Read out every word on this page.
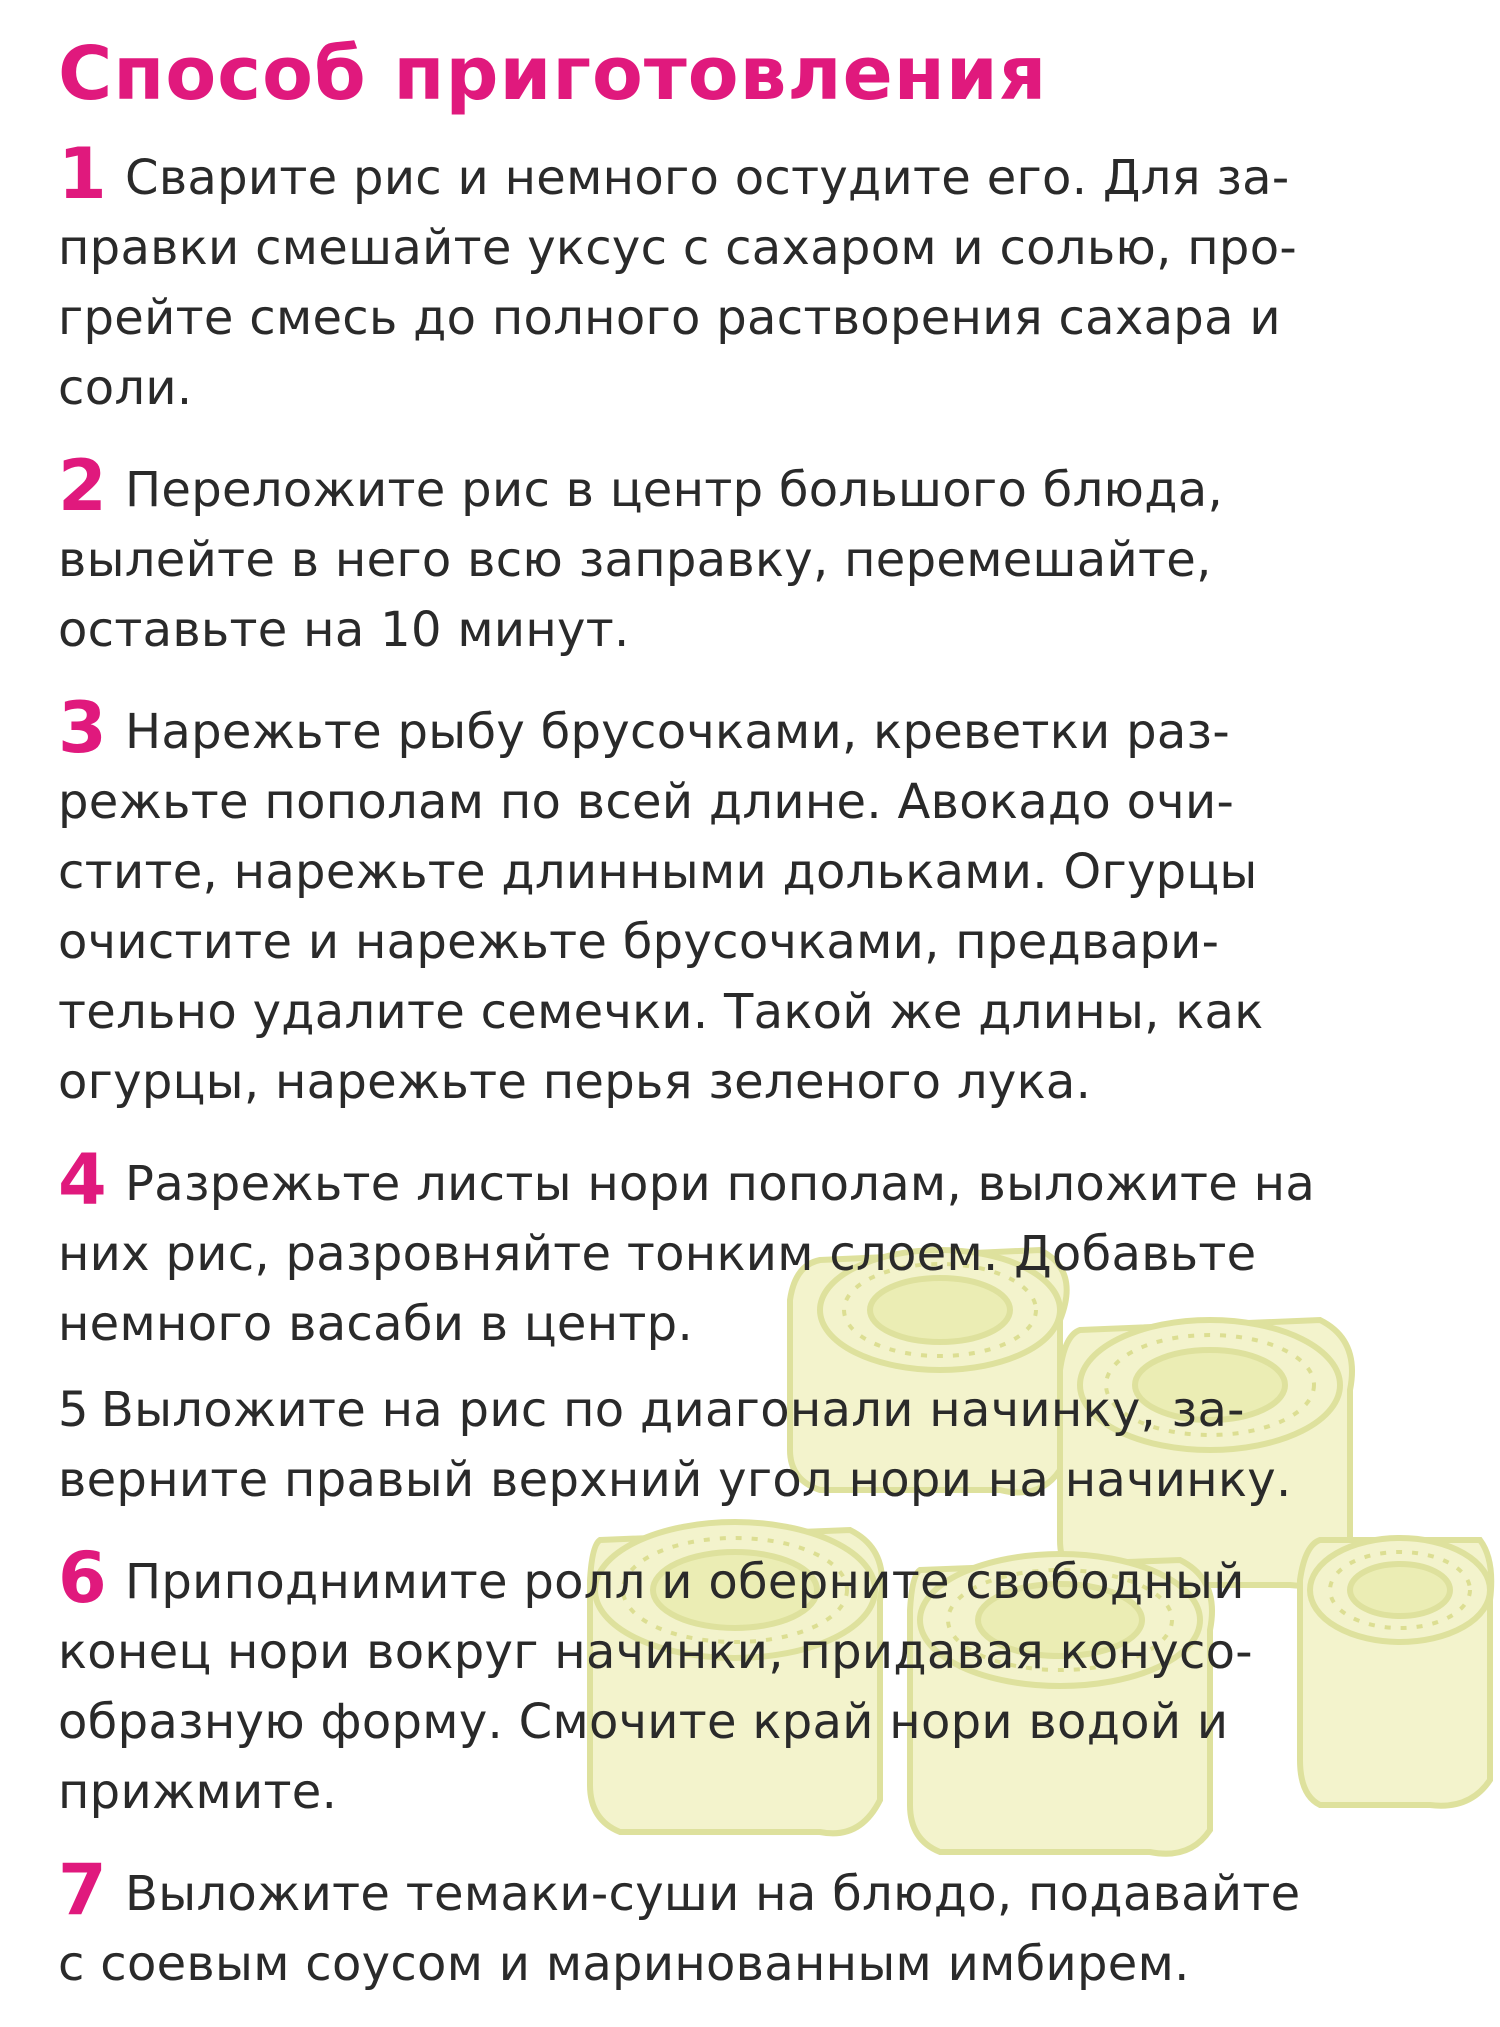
Способ приготовления

1 Сварите рис и немного остудите его. Для за-
правки смешайте уксус с сахаром и солью, про-
грейте смесь до полного растворения сахара и
соли.

2 Переложите рис в центр большого блюда,
вылейте в него всю заправку, перемешайте,
оставьте на 10 минут.

3 Нарежьте рыбу брусочками, креветки раз-
режьте пополам по всей длине. Авокадо очи-
стите, нарежьте длинными дольками. Огурцы
очистите и нарежьте брусочками, предвари-
тельно удалите семечки. Такой же длины, как
огурцы, нарежьте перья зеленого лука.

4 Разрежьте листы нори пополам, выложите на
них рис, разровняйте тонким слоем. Добавьте
немного васаби в центр.

5 Выложите на рис по диагонали начинку, за-
верните правый верхний угол нори на начинку.

6 Приподнимите ролл и оберните свободный
конец нори вокруг начинки, придавая конусо-
образную форму. Смочите край нори водой и
прижмите.

7 Выложите темаки-суши на блюдо, подавайте
с соевым соусом и маринованным имбирем.
